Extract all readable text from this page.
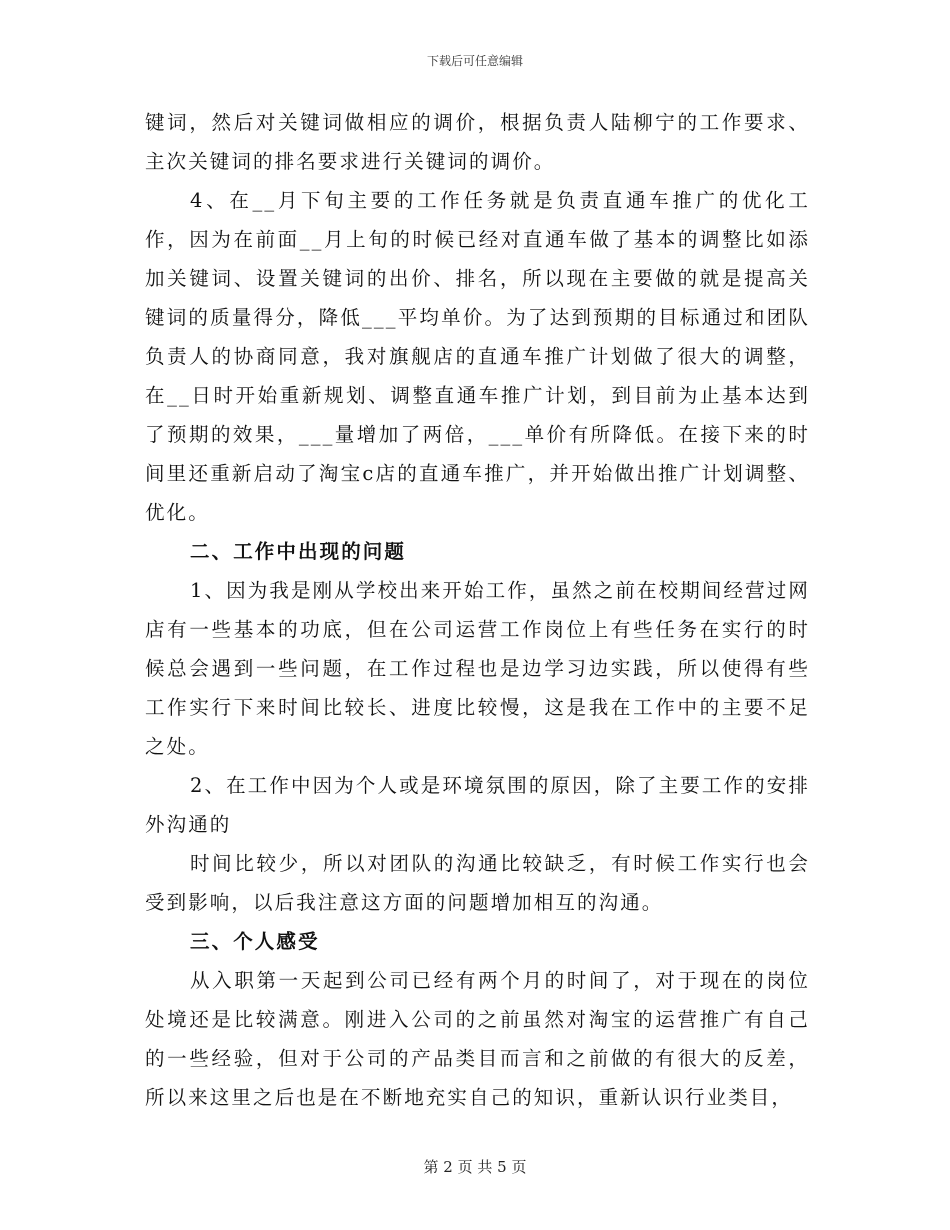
下载后可任意编辑

键词，然后对关键词做相应的调价，根据负责人陆柳宁的工作要求、主次关键词的排名要求进行关键词的调价。

4、在__月下旬主要的工作任务就是负责直通车推广的优化工作，因为在前面__月上旬的时候已经对直通车做了基本的调整比如添加关键词、设置关键词的出价、排名，所以现在主要做的就是提高关键词的质量得分，降低___平均单价。为了达到预期的目标通过和团队负责人的协商同意，我对旗舰店的直通车推广计划做了很大的调整，在__日时开始重新规划、调整直通车推广计划，到目前为止基本达到了预期的效果，___量增加了两倍，___单价有所降低。在接下来的时间里还重新启动了淘宝c店的直通车推广，并开始做出推广计划调整、优化。

二、工作中出现的问题

1、因为我是刚从学校出来开始工作，虽然之前在校期间经营过网店有一些基本的功底，但在公司运营工作岗位上有些任务在实行的时候总会遇到一些问题，在工作过程也是边学习边实践，所以使得有些工作实行下来时间比较长、进度比较慢，这是我在工作中的主要不足之处。

2、在工作中因为个人或是环境氛围的原因，除了主要工作的安排外沟通的

时间比较少，所以对团队的沟通比较缺乏，有时候工作实行也会受到影响，以后我注意这方面的问题增加相互的沟通。

三、个人感受

从入职第一天起到公司已经有两个月的时间了，对于现在的岗位处境还是比较满意。刚进入公司的之前虽然对淘宝的运营推广有自己的一些经验，但对于公司的产品类目而言和之前做的有很大的反差，所以来这里之后也是在不断地充实自己的知识，重新认识行业类目，

第 2 页 共 5 页
